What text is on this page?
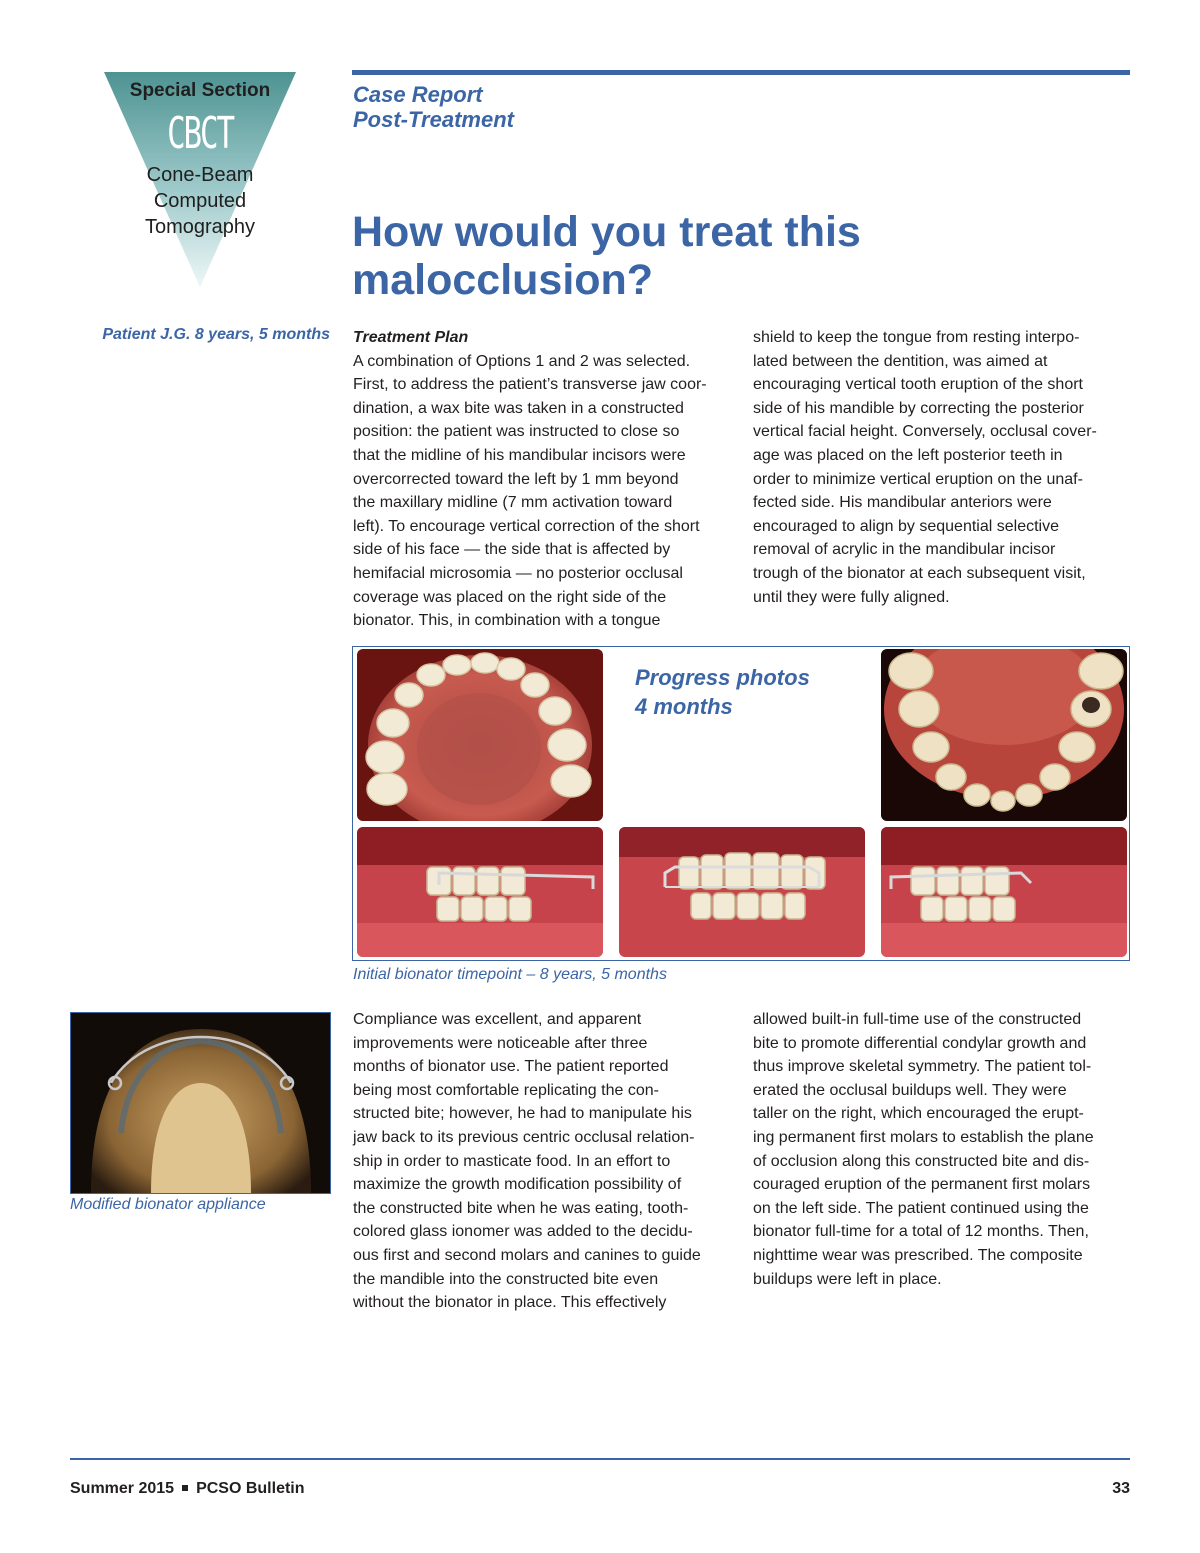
Special Section
CBCT
Cone-Beam
Computed
Tomography
Case Report
Post-Treatment
How would you treat this malocclusion?
Patient J.G. 8 years, 5 months Treatment Plan

A combination of Options 1 and 2 was selected.
First, to address the patient’s transverse jaw coor-
dination, a wax bite was taken in a constructed
position: the patient was instructed to close so
that the midline of his mandibular incisors were
overcorrected toward the left by 1 mm beyond
the maxillary midline (7 mm activation toward
left). To encourage vertical correction of the short
side of his face — the side that is affected by
hemifacial microsomia — no posterior occlusal
coverage was placed on the right side of the
bionator. This, in combination with a tongue
shield to keep the tongue from resting interpo-
lated between the dentition, was aimed at
encouraging vertical tooth eruption of the short
side of his mandible by correcting the posterior
vertical facial height. Conversely, occlusal cover-
age was placed on the left posterior teeth in
order to minimize vertical eruption on the unaf-
fected side. His mandibular anteriors were
encouraged to align by sequential selective
removal of acrylic in the mandibular incisor
trough of the bionator at each subsequent visit,
until they were fully aligned.
Progress photos
4 months
Initial bionator timepoint – 8 years, 5 months
Modified bionator appliance
Compliance was excellent, and apparent
improvements were noticeable after three
months of bionator use. The patient reported
being most comfortable replicating the con-
structed bite; however, he had to manipulate his
jaw back to its previous centric occlusal relation-
ship in order to masticate food. In an effort to
maximize the growth modification possibility of
the constructed bite when he was eating, tooth-
colored glass ionomer was added to the decidu-
ous first and second molars and canines to guide
the mandible into the constructed bite even
without the bionator in place. This effectively
allowed built-in full-time use of the constructed
bite to promote differential condylar growth and
thus improve skeletal symmetry. The patient tol-
erated the occlusal buildups well. They were
taller on the right, which encouraged the erupt-
ing permanent first molars to establish the plane
of occlusion along this constructed bite and dis-
couraged eruption of the permanent first molars
on the left side. The patient continued using the
bionator full-time for a total of 12 months. Then,
nighttime wear was prescribed. The composite
buildups were left in place.
Summer 2015 PCSO Bulletin	33
